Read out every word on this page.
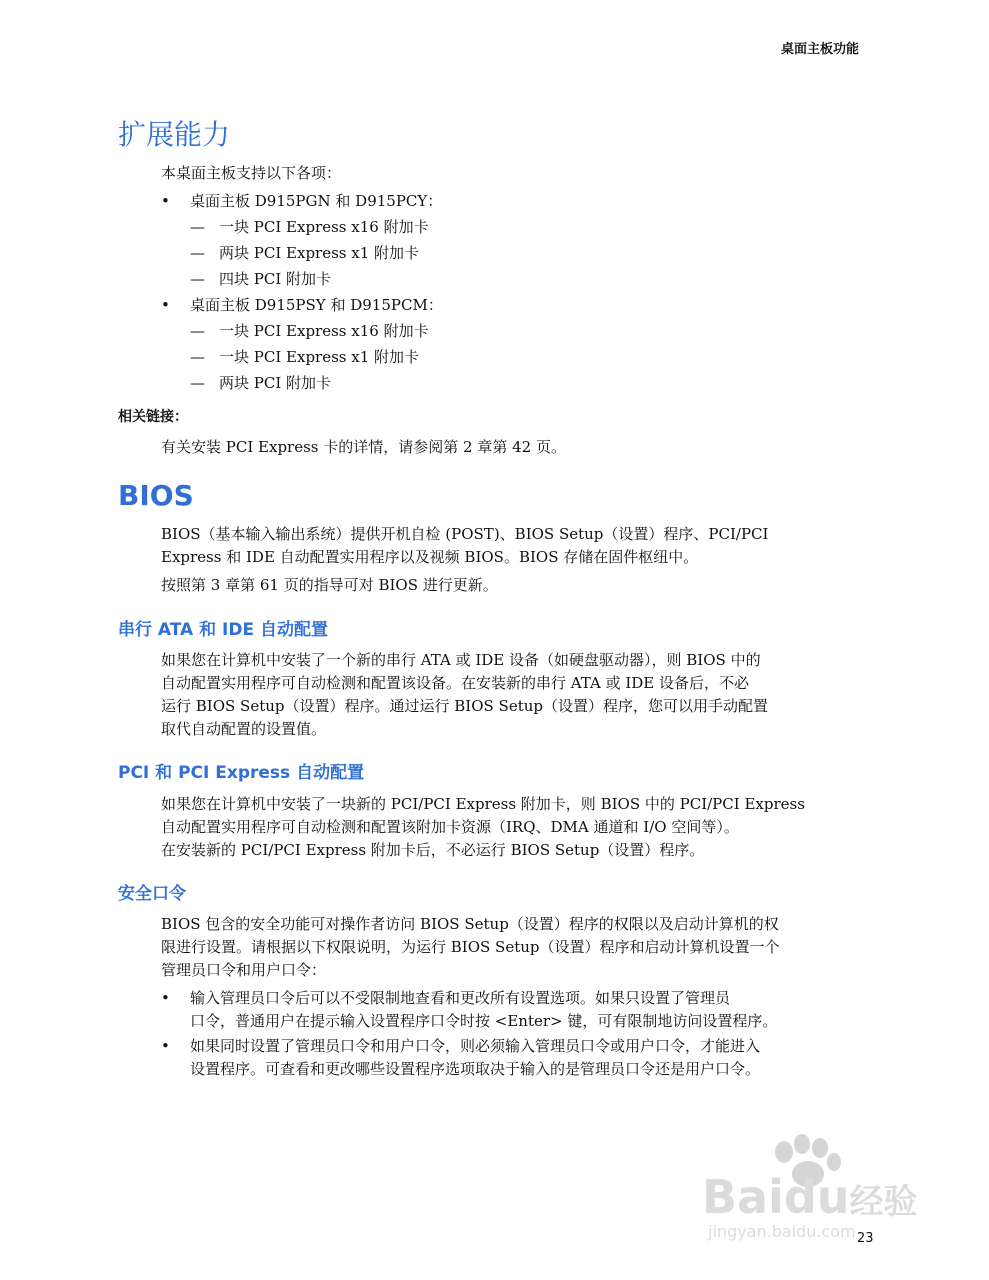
桌面主板功能
扩展能力
本桌面主板支持以下各项：
• 桌面主板 D915PGN 和 D915PCY：
— 一块 PCI Express x16 附加卡
— 两块 PCI Express x1 附加卡
— 四块 PCI 附加卡
• 桌面主板 D915PSY 和 D915PCM：
— 一块 PCI Express x16 附加卡
— 一块 PCI Express x1 附加卡
— 两块 PCI 附加卡
相关链接：
有关安装 PCI Express 卡的详情，请参阅第 2 章第 42 页。
BIOS
BIOS（基本输入输出系统）提供开机自检 (POST)、BIOS Setup（设置）程序、PCI/PCI
Express 和 IDE 自动配置实用程序以及视频 BIOS。BIOS 存储在固件枢纽中。
按照第 3 章第 61 页的指导可对 BIOS 进行更新。
串行 ATA 和 IDE 自动配置
如果您在计算机中安装了一个新的串行 ATA 或 IDE 设备（如硬盘驱动器），则 BIOS 中的
自动配置实用程序可自动检测和配置该设备。在安装新的串行 ATA 或 IDE 设备后，不必
运行 BIOS Setup（设置）程序。通过运行 BIOS Setup（设置）程序，您可以用手动配置
取代自动配置的设置值。
PCI 和 PCI Express 自动配置
如果您在计算机中安装了一块新的 PCI/PCI Express 附加卡，则 BIOS 中的 PCI/PCI Express
自动配置实用程序可自动检测和配置该附加卡资源（IRQ、DMA 通道和 I/O 空间等）。
在安装新的 PCI/PCI Express 附加卡后，不必运行 BIOS Setup（设置）程序。
安全口令
BIOS 包含的安全功能可对操作者访问 BIOS Setup（设置）程序的权限以及启动计算机的权
限进行设置。请根据以下权限说明，为运行 BIOS Setup（设置）程序和启动计算机设置一个
管理员口令和用户口令：
• 输入管理员口令后可以不受限制地查看和更改所有设置选项。如果只设置了管理员
口令，普通用户在提示输入设置程序口令时按 <Enter> 键，可有限制地访问设置程序。
• 如果同时设置了管理员口令和用户口令，则必须输入管理员口令或用户口令，才能进入
设置程序。可查看和更改哪些设置程序选项取决于输入的是管理员口令还是用户口令。
Baidu经验
jingyan.baidu.com 23
